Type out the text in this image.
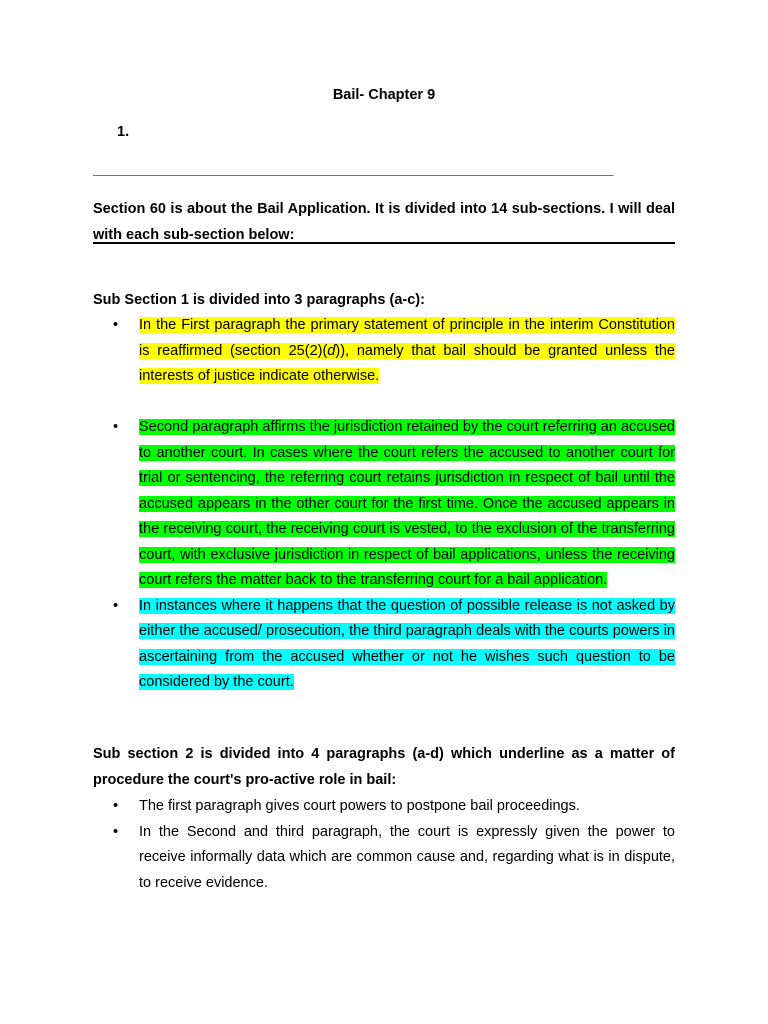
Bail- Chapter 9
1.
___________________________________________________________________
Section 60 is about the Bail Application. It is divided into 14 sub-sections. I will deal with each sub-section below:
Sub Section 1 is divided into 3 paragraphs (a-c):
• In the First paragraph the primary statement of principle in the interim Constitution is reaffirmed (section 25(2)(d)), namely that bail should be granted unless the interests of justice indicate otherwise.
• Second paragraph affirms the jurisdiction retained by the court referring an accused to another court. In cases where the court refers the accused to another court for trial or sentencing, the referring court retains jurisdiction in respect of bail until the accused appears in the other court for the first time. Once the accused appears in the receiving court, the receiving court is vested, to the exclusion of the transferring court, with exclusive jurisdiction in respect of bail applications, unless the receiving court refers the matter back to the transferring court for a bail application.
• In instances where it happens that the question of possible release is not asked by either the accused/ prosecution, the third paragraph deals with the courts powers in ascertaining from the accused whether or not he wishes such question to be considered by the court.
Sub section 2 is divided into 4 paragraphs (a-d) which underline as a matter of procedure the court's pro-active role in bail:
• The first paragraph gives court powers to postpone bail proceedings.
• In the Second and third paragraph, the court is expressly given the power to receive informally data which are common cause and, regarding what is in dispute, to receive evidence.
